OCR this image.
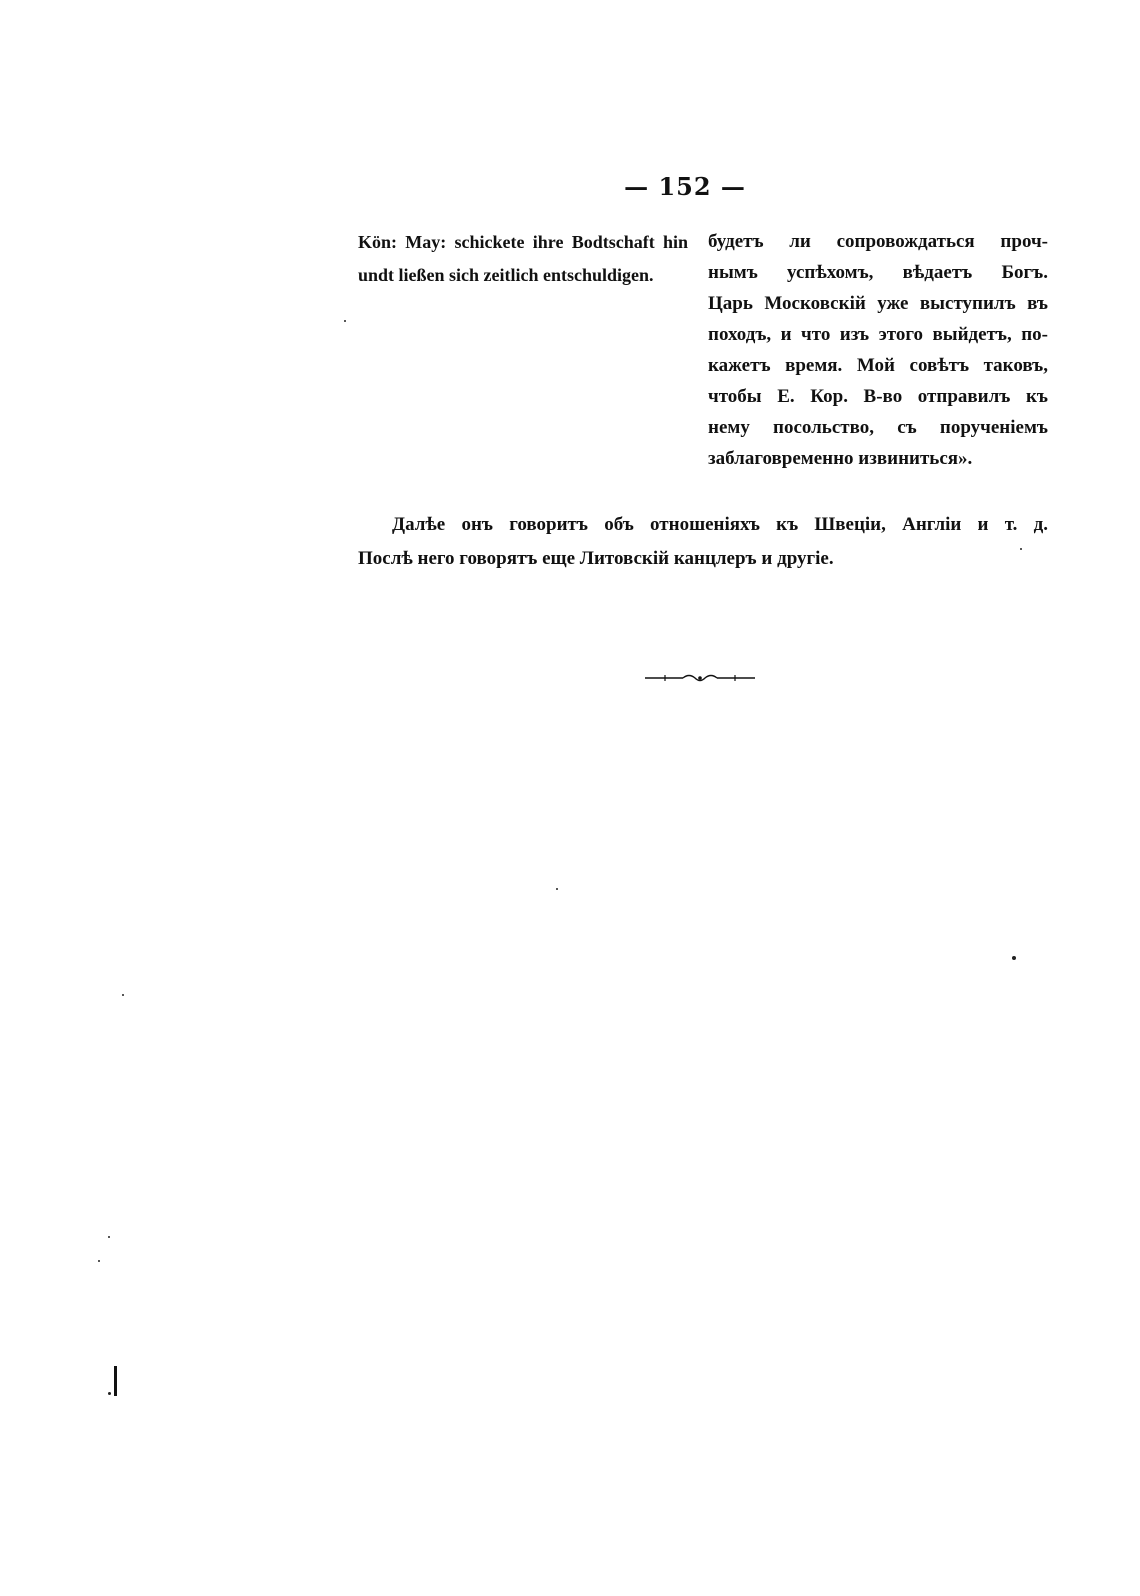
— 152 —
Kön: May: schickete ihre Bodtschaft hin
undt ließen sich zeitlich entschuldigen.
будетъ ли сопровождаться проч-
нымъ успѣхомъ, вѣдаетъ Богъ.
Царь Московскій уже выступилъ въ
походъ, и что изъ этого выйдетъ, по-
кажетъ время. Мой совѣтъ таковъ,
чтобы Е. Кор. В-во отправилъ къ
нему посольство, съ порученіемъ
заблаговременно извиниться».
Далѣе онъ говоритъ объ отношеніяхъ къ Швеціи, Англіи и т. д.
Послѣ него говорятъ еще Литовскій канцлеръ и другіе.
